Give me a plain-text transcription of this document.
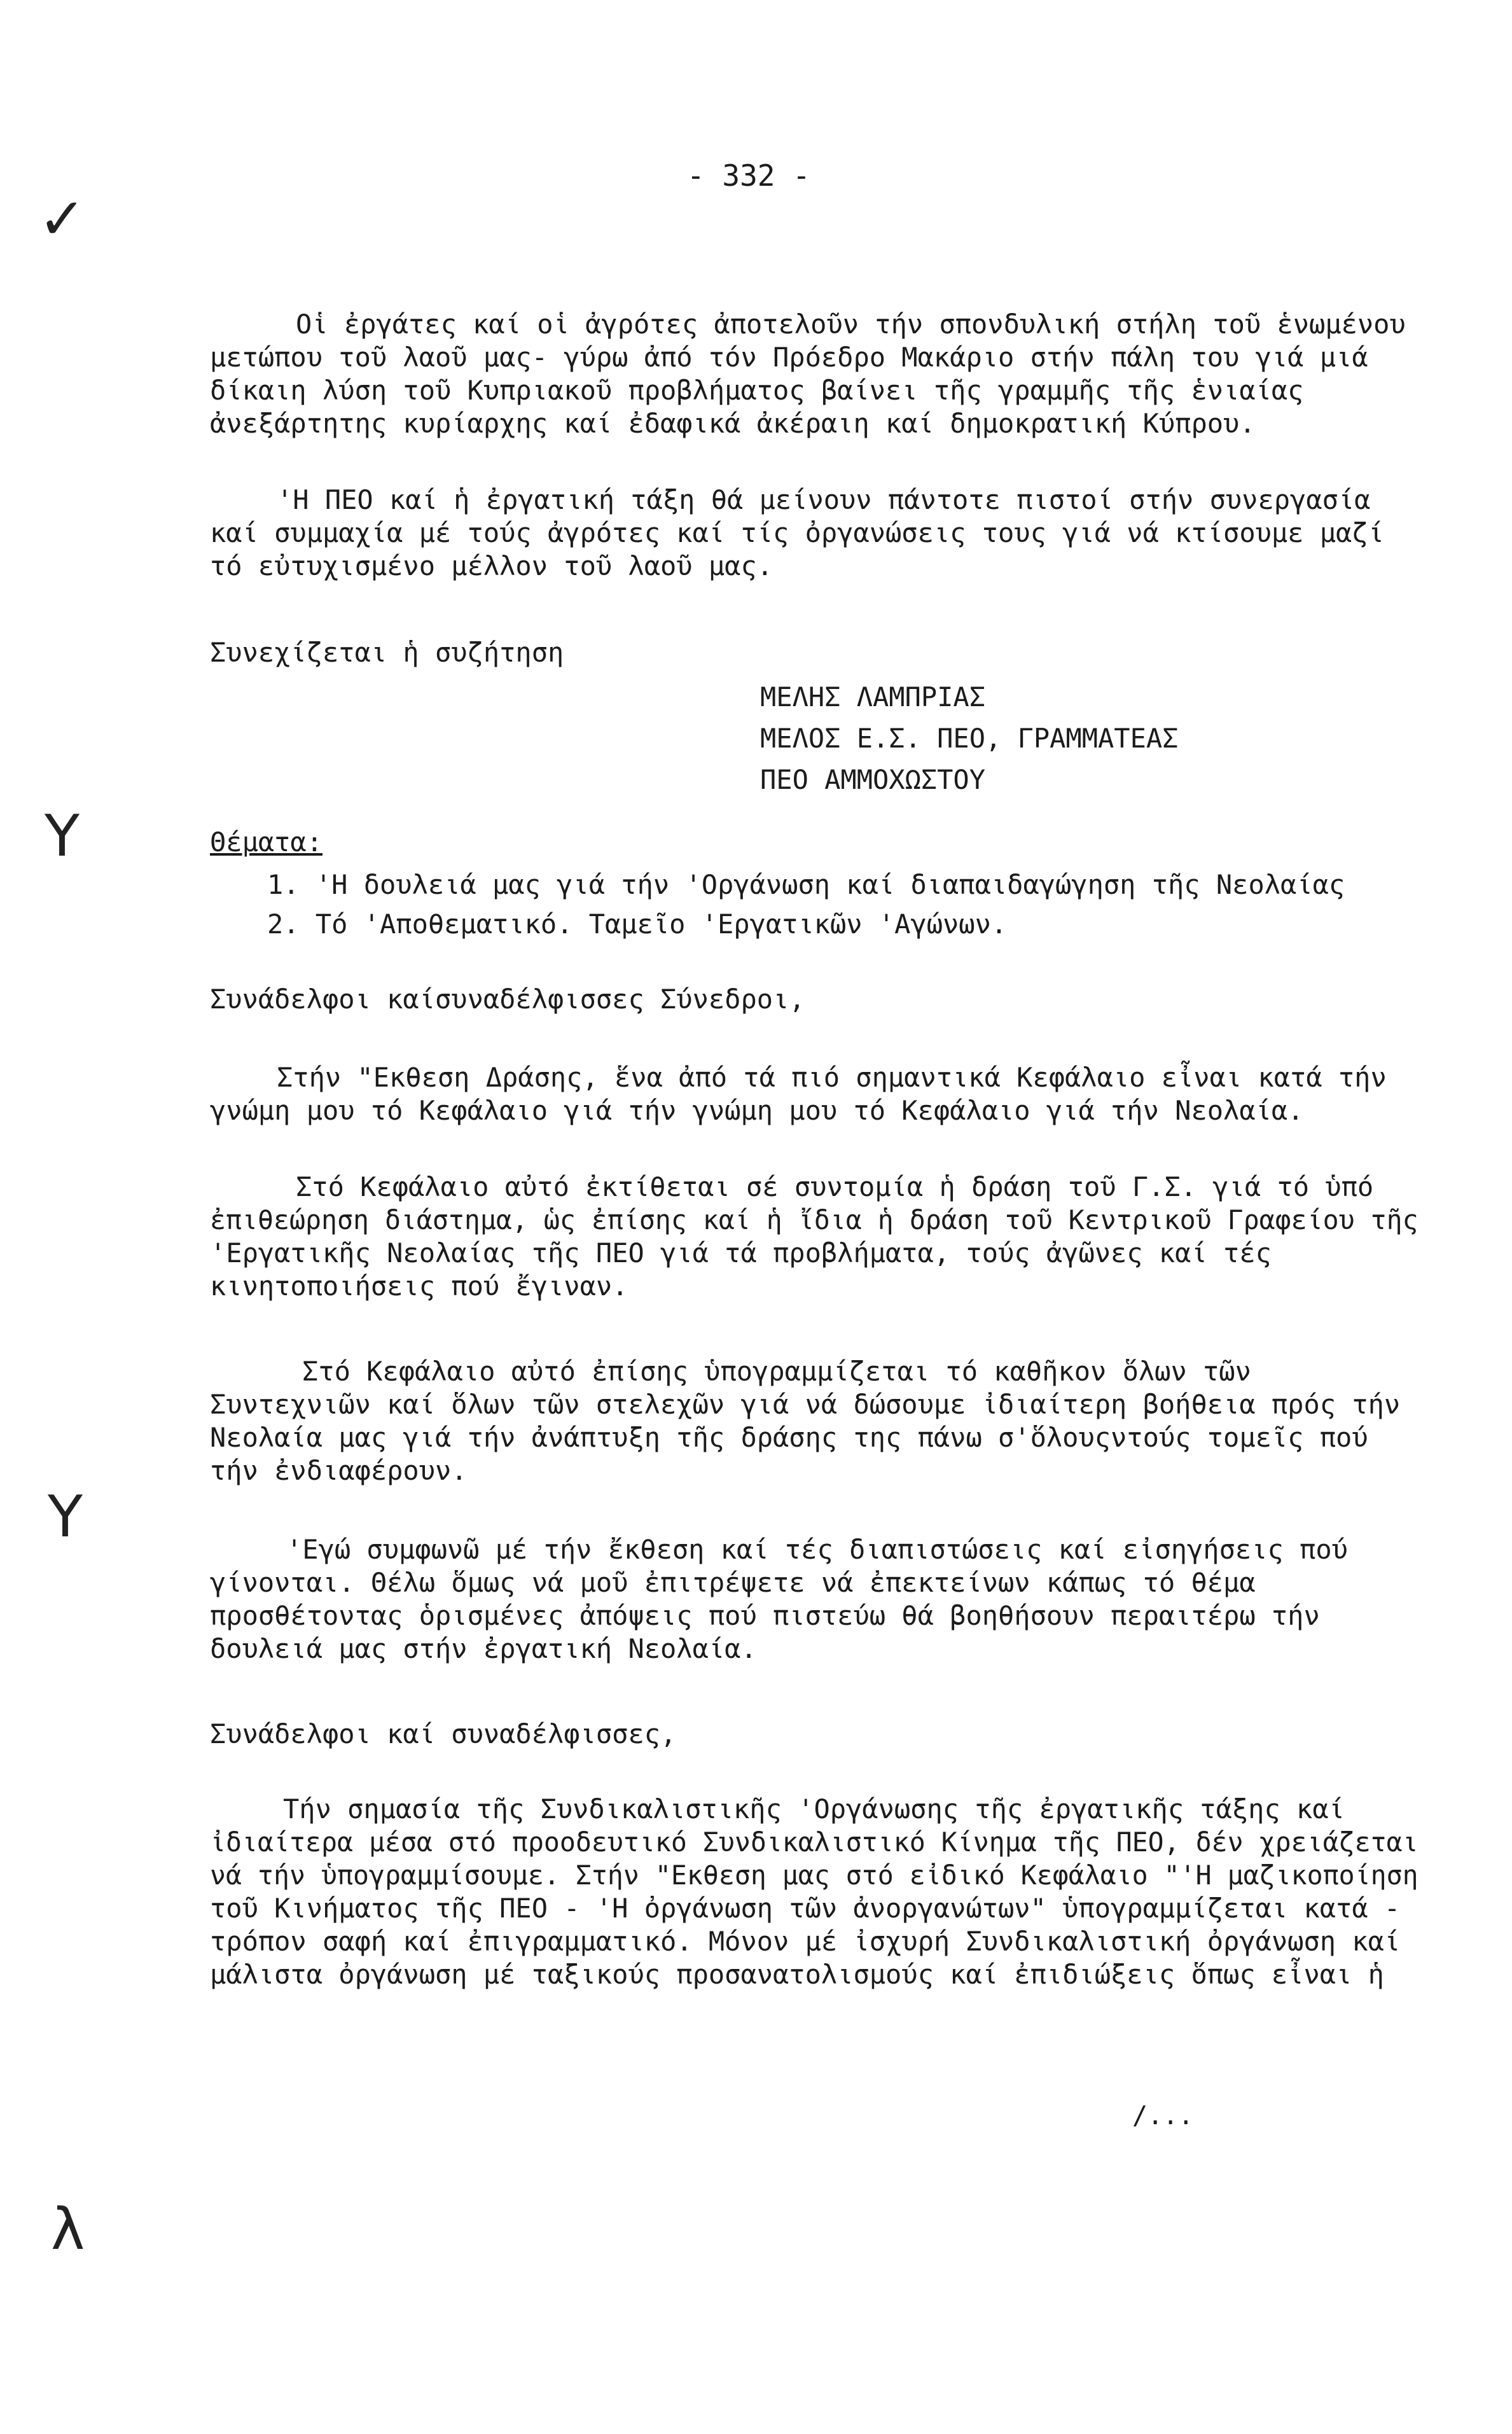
- 332 -
✓
Υ
Υ
λ
Οἱ ἐργάτες καί οἱ ἀγρότες ἀποτελοῦν τήν σπονδυλική στήλη τοῦ ἑνωμένου
μετώπου τοῦ λαοῦ μας- γύρω ἀπό τόν Πρόεδρο Μακάριο στήν πάλη του γιά μιά
δίκαιη λύση τοῦ Κυπριακοῦ προβλήματος βαίνει τῆς γραμμῆς τῆς ἑνιαίας
ἀνεξάρτητης κυρίαρχης καί ἐδαφικά ἀκέραιη καί δημοκρατική Κύπρου.
'Η ΠΕΟ καί ἡ ἐργατική τάξη θά μείνουν πάντοτε πιστοί στήν συνεργασία
καί συμμαχία μέ τούς ἀγρότες καί τίς ὀργανώσεις τους γιά νά κτίσουμε μαζί
τό εὐτυχισμένο μέλλον τοῦ λαοῦ μας.
Συνεχίζεται ἡ συζήτηση
ΜΕΛΗΣ ΛΑΜΠΡΙΑΣ
ΜΕΛΟΣ Ε.Σ. ΠΕΟ, ΓΡΑΜΜΑΤΕΑΣ
ΠΕΟ ΑΜΜΟΧΩΣΤΟΥ
Θέματα:
1. 'Η δουλειά μας γιά τήν 'Οργάνωση καί διαπαιδαγώγηση τῆς Νεολαίας
2. Τό 'Αποθεματικό. Ταμεῖο 'Εργατικῶν 'Αγώνων.
Συνάδελφοι καίσυναδέλφισσες Σύνεδροι,
Στήν "Εκθεση Δράσης, ἕνα ἀπό τά πιό σημαντικά Κεφάλαιο εἶναι κατά τήν
γνώμη μου τό Κεφάλαιο γιά τήν γνώμη μου τό Κεφάλαιο γιά τήν Νεολαία.
Στό Κεφάλαιο αὐτό ἐκτίθεται σέ συντομία ἡ δράση τοῦ Γ.Σ. γιά τό ὑπό
ἐπιθεώρηση διάστημα, ὡς ἐπίσης καί ἡ ἴδια ἡ δράση τοῦ Κεντρικοῦ Γραφείου τῆς
'Εργατικῆς Νεολαίας τῆς ΠΕΟ γιά τά προβλήματα, τούς ἀγῶνες καί τές
κινητοποιήσεις πού ἔγιναν.
Στό Κεφάλαιο αὐτό ἐπίσης ὑπογραμμίζεται τό καθῆκον ὅλων τῶν
Συντεχνιῶν καί ὅλων τῶν στελεχῶν γιά νά δώσουμε ἰδιαίτερη βοήθεια πρός τήν
Νεολαία μας γιά τήν ἀνάπτυξη τῆς δράσης της πάνω σ'ὅλουςντούς τομεῖς πού
τήν ἐνδιαφέρουν.
'Εγώ συμφωνῶ μέ τήν ἔκθεση καί τές διαπιστώσεις καί εἰσηγήσεις πού
γίνονται. Θέλω ὅμως νά μοῦ ἐπιτρέψετε νά ἐπεκτείνων κάπως τό θέμα
προσθέτοντας ὁρισμένες ἀπόψεις πού πιστεύω θά βοηθήσουν περαιτέρω τήν
δουλειά μας στήν ἐργατική Νεολαία.
Συνάδελφοι καί συναδέλφισσες,
Τήν σημασία τῆς Συνδικαλιστικῆς 'Οργάνωσης τῆς ἐργατικῆς τάξης καί
ἰδιαίτερα μέσα στό προοδευτικό Συνδικαλιστικό Κίνημα τῆς ΠΕΟ, δέν χρειάζεται
νά τήν ὑπογραμμίσουμε. Στήν "Εκθεση μας στό εἰδικό Κεφάλαιο "'Η μαζικοποίηση
τοῦ Κινήματος τῆς ΠΕΟ - 'Η ὀργάνωση τῶν ἀνοργανώτων" ὑπογραμμίζεται κατά -
τρόπον σαφή καί ἐπιγραμματικό. Μόνον μέ ἰσχυρή Συνδικαλιστική ὀργάνωση καί
μάλιστα ὀργάνωση μέ ταξικούς προσανατολισμούς καί ἐπιδιώξεις ὅπως εἶναι ἡ
/...
